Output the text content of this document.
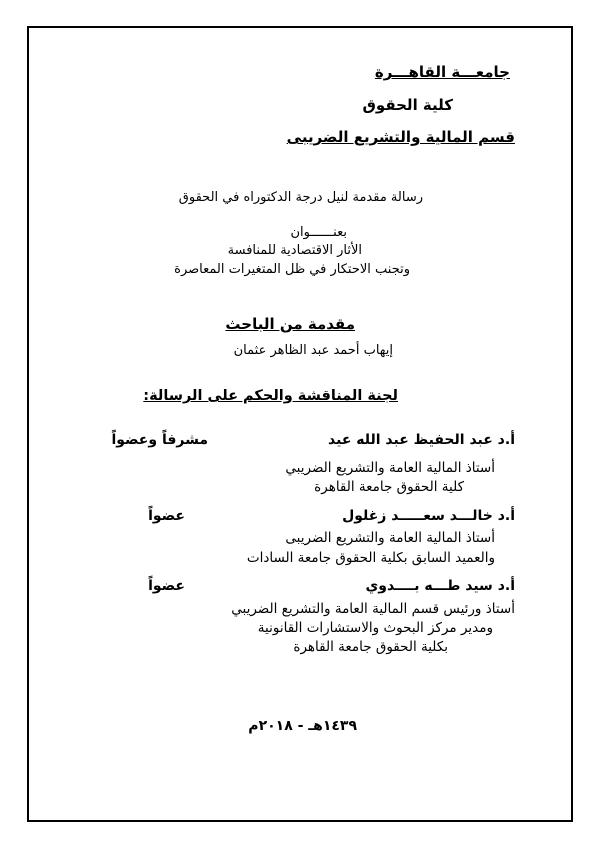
جامعـــة القاهـــرة
كلية الحقوق
قسم المالية والتشريع الضريبى
رسالة مقدمة لنيل درجة الدكتوراه في الحقوق
بعنــــــوان
الأثار الاقتصادية للمنافسة
وتجنب الاحتكار في ظل المتغيرات المعاصرة
مقدمة من الباحث
إيهاب أحمد عبد الظاهر عثمان
لجنة المناقشة والحكم على الرسالة:
أ.د عبد الحفيظ عبد الله عيد
مشرفاً وعضواً
أستاذ المالية العامة والتشريع الضريبي
كلية الحقوق جامعة القاهرة
أ.د خالـــد سعـــــد زغلول
عضواً
أستاذ المالية العامة والتشريع الضريبى
والعميد السابق بكلية الحقوق جامعة السادات
أ.د سيد طـــه بــــدوي
عضواً
أستاذ ورئيس قسم المالية العامة والتشريع الضريبي
ومدير مركز البحوث والاستشارات القانونية
بكلية الحقوق جامعة القاهرة
١٤٣٩هـ - ٢٠١٨م
